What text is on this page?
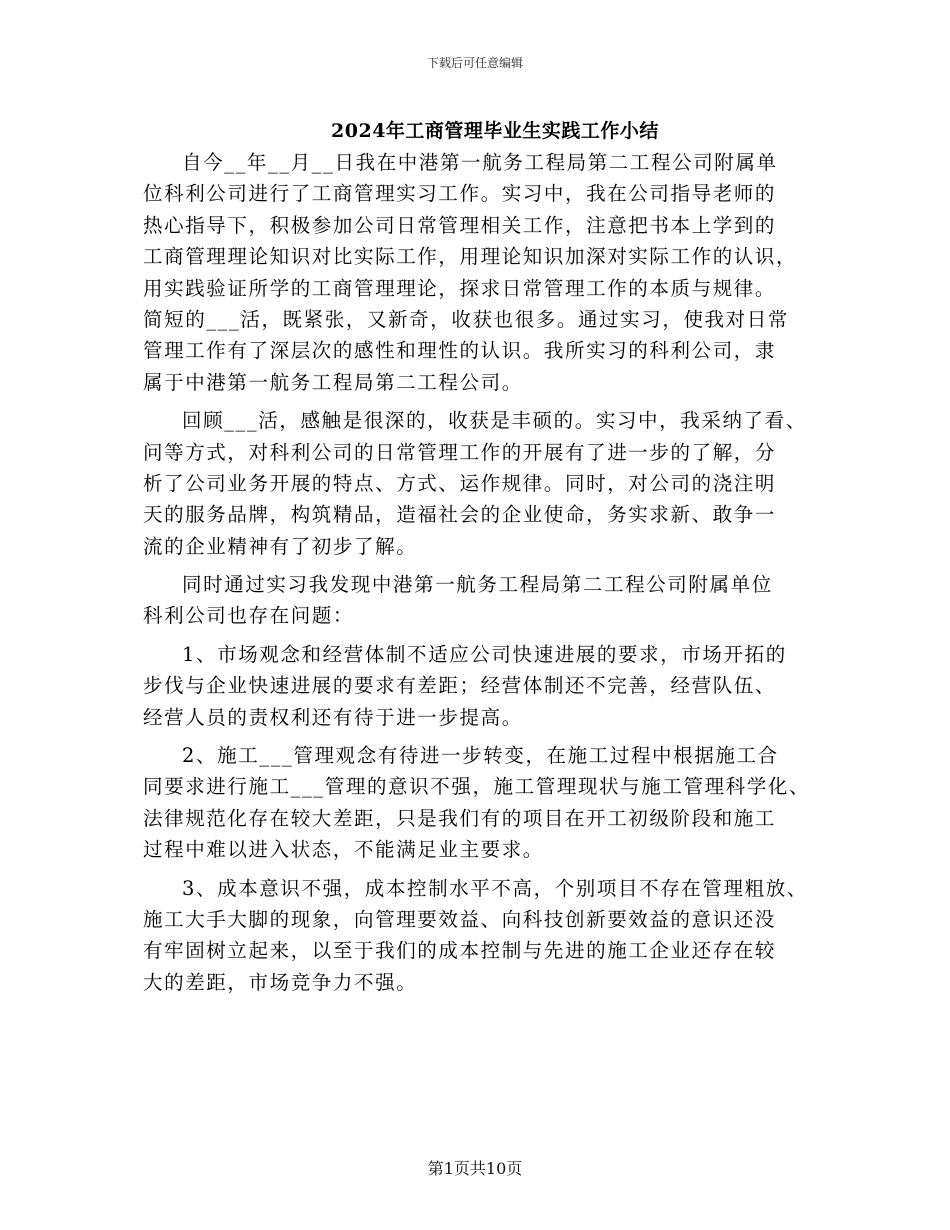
下载后可任意编辑
2024年工商管理毕业生实践工作小结
自今__年__月__日我在中港第一航务工程局第二工程公司附属单
位科利公司进行了工商管理实习工作。实习中，我在公司指导老师的
热心指导下，积极参加公司日常管理相关工作，注意把书本上学到的
工商管理理论知识对比实际工作，用理论知识加深对实际工作的认识，
用实践验证所学的工商管理理论，探求日常管理工作的本质与规律。
简短的___活，既紧张，又新奇，收获也很多。通过实习，使我对日常
管理工作有了深层次的感性和理性的认识。我所实习的科利公司，隶
属于中港第一航务工程局第二工程公司。
回顾___活，感触是很深的，收获是丰硕的。实习中，我采纳了看、
问等方式，对科利公司的日常管理工作的开展有了进一步的了解，分
析了公司业务开展的特点、方式、运作规律。同时，对公司的浇注明
天的服务品牌，构筑精品，造福社会的企业使命，务实求新、敢争一
流的企业精神有了初步了解。
同时通过实习我发现中港第一航务工程局第二工程公司附属单位
科利公司也存在问题：
1、市场观念和经营体制不适应公司快速进展的要求，市场开拓的
步伐与企业快速进展的要求有差距；经营体制还不完善，经营队伍、
经营人员的责权利还有待于进一步提高。
2、施工___管理观念有待进一步转变，在施工过程中根据施工合
同要求进行施工___管理的意识不强，施工管理现状与施工管理科学化、
法律规范化存在较大差距，只是我们有的项目在开工初级阶段和施工
过程中难以进入状态，不能满足业主要求。
3、成本意识不强，成本控制水平不高，个别项目不存在管理粗放、
施工大手大脚的现象，向管理要效益、向科技创新要效益的意识还没
有牢固树立起来，以至于我们的成本控制与先进的施工企业还存在较
大的差距，市场竞争力不强。
第1页共10页
